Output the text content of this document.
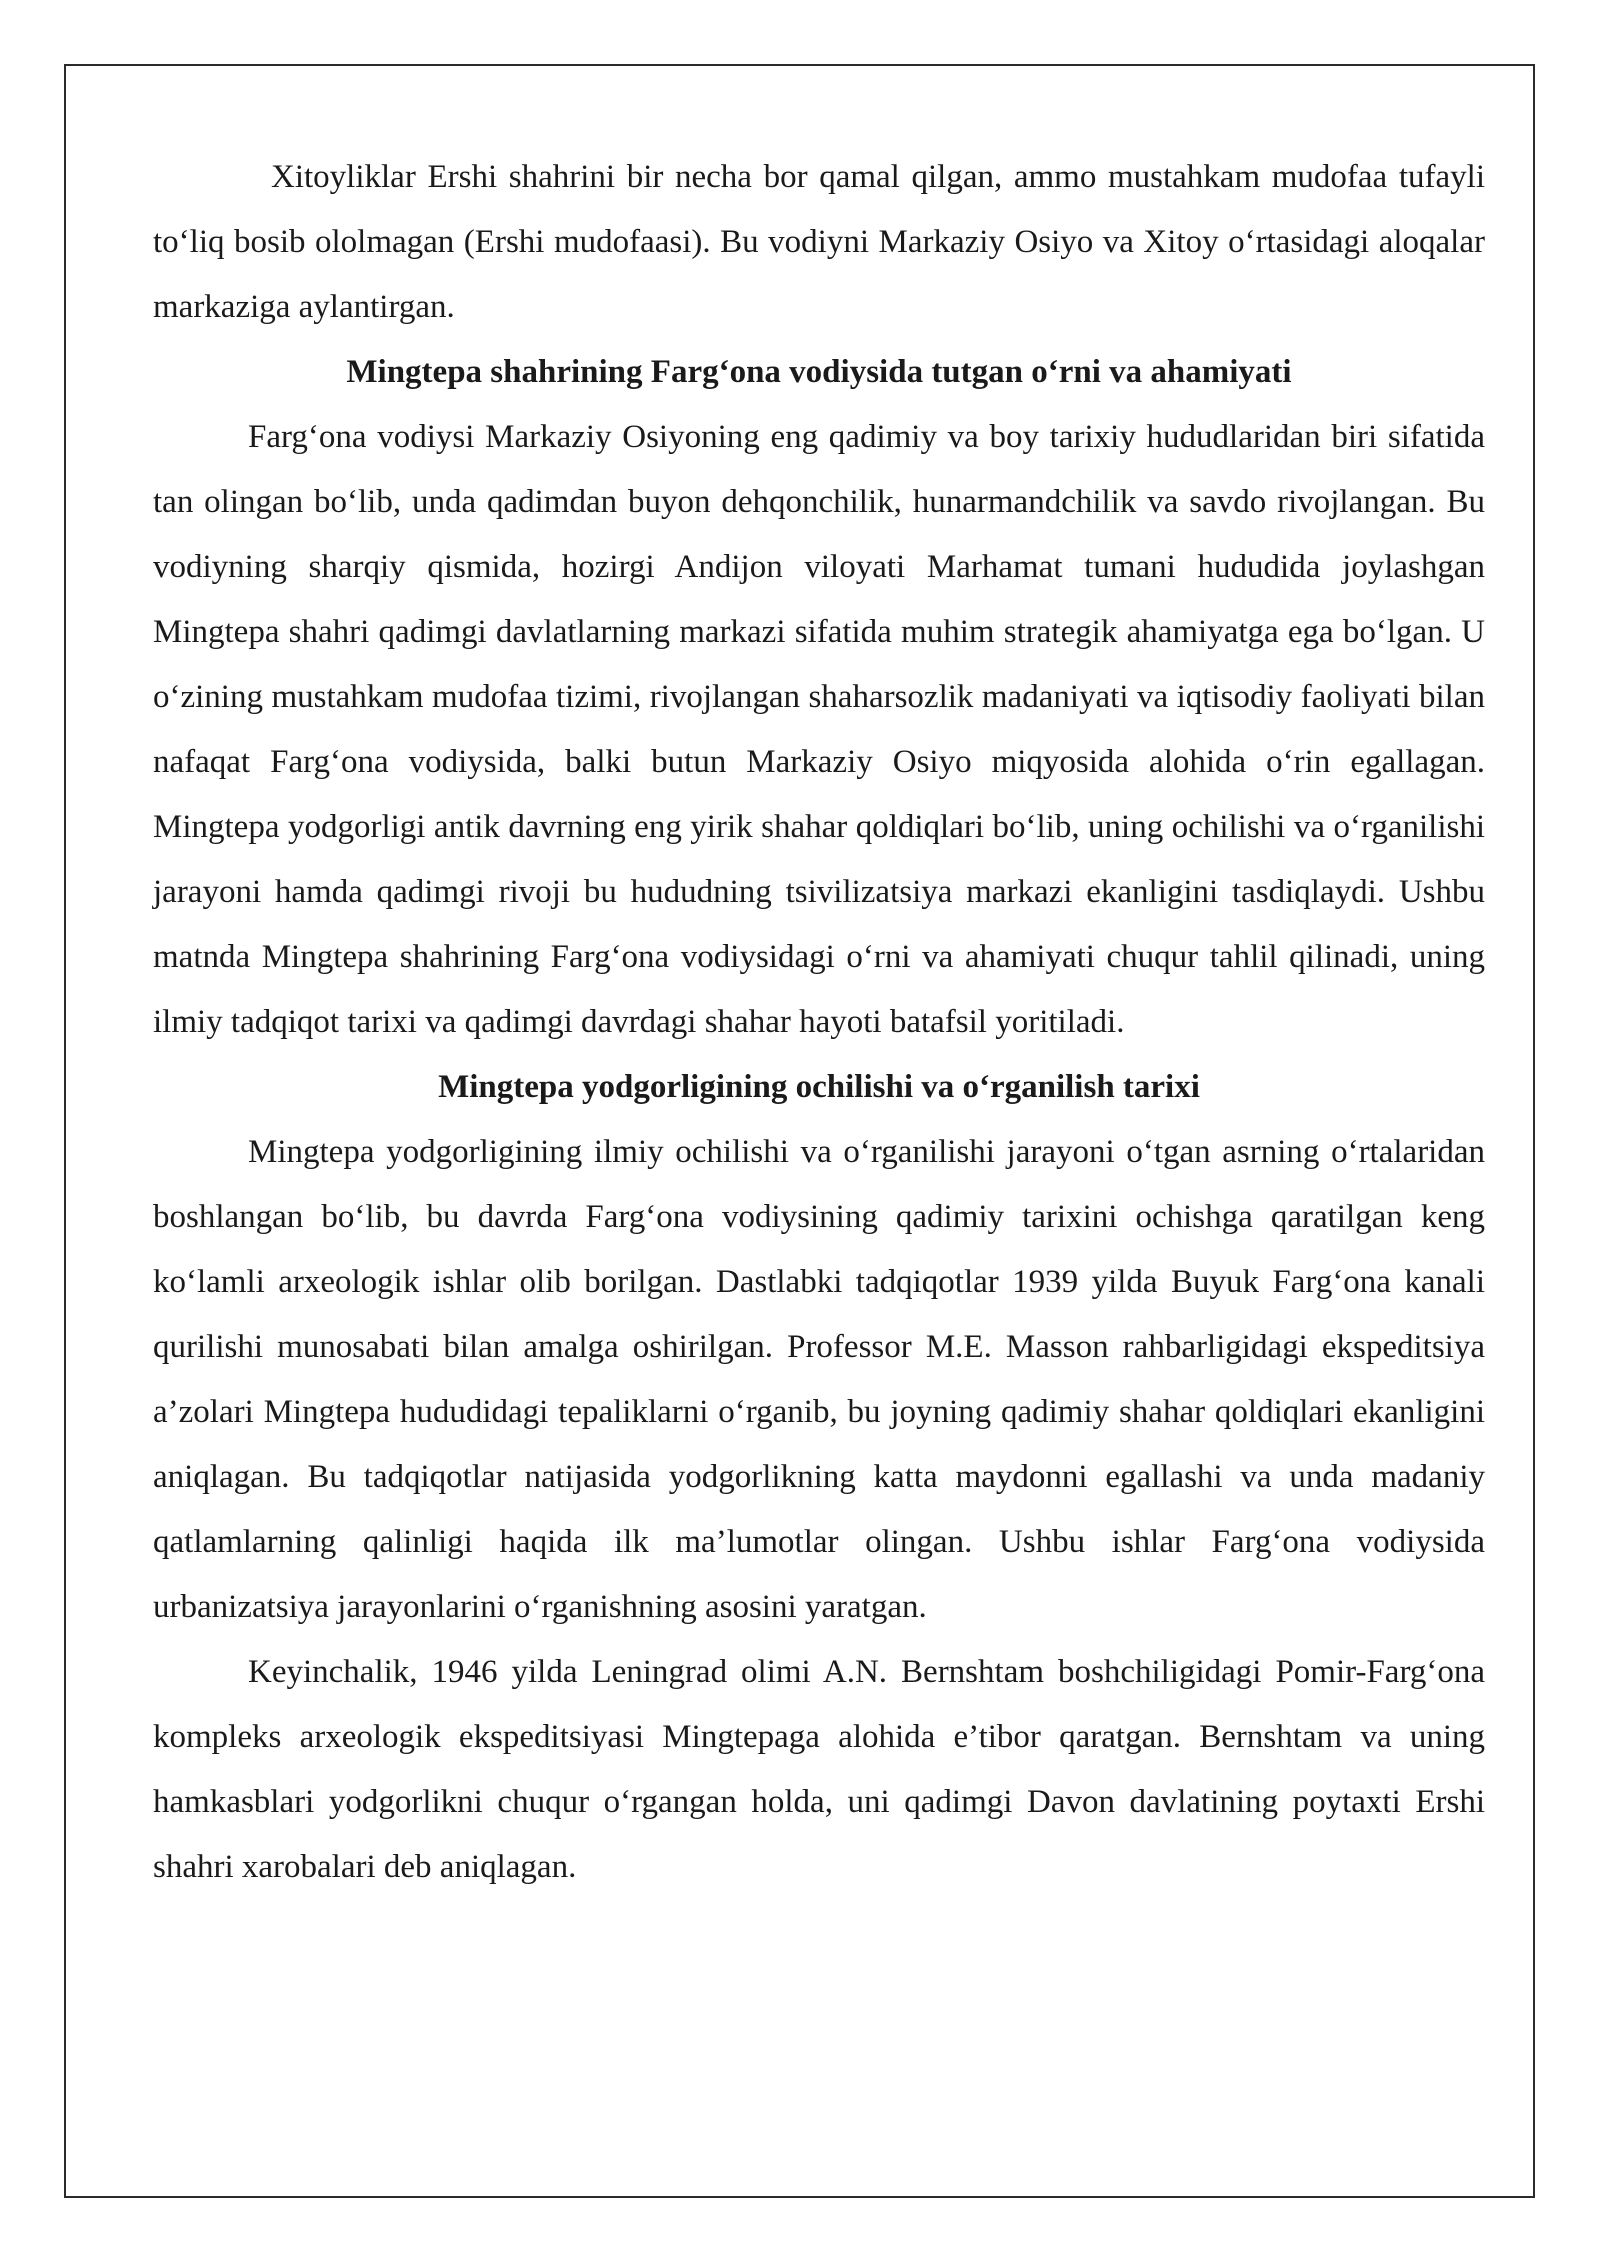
Xitoyliklar Ershi shahrini bir necha bor qamal qilgan, ammo mustahkam mudofaa tufayli to‘liq bosib ololmagan (Ershi mudofaasi). Bu vodiyni Markaziy Osiyo va Xitoy o‘rtasidagi aloqalar markaziga aylantirgan.

Mingtepa shahrining Farg‘ona vodiysida tutgan o‘rni va ahamiyati

Farg‘ona vodiysi Markaziy Osiyoning eng qadimiy va boy tarixiy hududlaridan biri sifatida tan olingan bo‘lib, unda qadimdan buyon dehqonchilik, hunarmandchilik va savdo rivojlangan. Bu vodiyning sharqiy qismida, hozirgi Andijon viloyati Marhamat tumani hududida joylashgan Mingtepa shahri qadimgi davlatlarning markazi sifatida muhim strategik ahamiyatga ega bo‘lgan. U o‘zining mustahkam mudofaa tizimi, rivojlangan shaharsozlik madaniyati va iqtisodiy faoliyati bilan nafaqat Farg‘ona vodiysida, balki butun Markaziy Osiyo miqyosida alohida o‘rin egallagan. Mingtepa yodgorligi antik davrning eng yirik shahar qoldiqlari bo‘lib, uning ochilishi va o‘rganilishi jarayoni hamda qadimgi rivoji bu hududning tsivilizatsiya markazi ekanligini tasdiqlaydi. Ushbu matnda Mingtepa shahrining Farg‘ona vodiysidagi o‘rni va ahamiyati chuqur tahlil qilinadi, uning ilmiy tadqiqot tarixi va qadimgi davrdagi shahar hayoti batafsil yoritiladi.

Mingtepa yodgorligining ochilishi va o‘rganilish tarixi

Mingtepa yodgorligining ilmiy ochilishi va o‘rganilishi jarayoni o‘tgan asrning o‘rtalaridan boshlangan bo‘lib, bu davrda Farg‘ona vodiysining qadimiy tarixini ochishga qaratilgan keng ko‘lamli arxeologik ishlar olib borilgan. Dastlabki tadqiqotlar 1939 yilda Buyuk Farg‘ona kanali qurilishi munosabati bilan amalga oshirilgan. Professor M.E. Masson rahbarligidagi ekspeditsiya a’zolari Mingtepa hududidagi tepaliklarni o‘rganib, bu joyning qadimiy shahar qoldiqlari ekanligini aniqlagan. Bu tadqiqotlar natijasida yodgorlikning katta maydonni egallashi va unda madaniy qatlamlarning qalinligi haqida ilk ma’lumotlar olingan. Ushbu ishlar Farg‘ona vodiysida urbanizatsiya jarayonlarini o‘rganishning asosini yaratgan.

Keyinchalik, 1946 yilda Leningrad olimi A.N. Bernshtam boshchiligidagi Pomir-Farg‘ona kompleks arxeologik ekspeditsiyasi Mingtepaga alohida e’tibor qaratgan. Bernshtam va uning hamkasblari yodgorlikni chuqur o‘rgangan holda, uni qadimgi Davon davlatining poytaxti Ershi shahri xarobalari deb aniqlagan.
